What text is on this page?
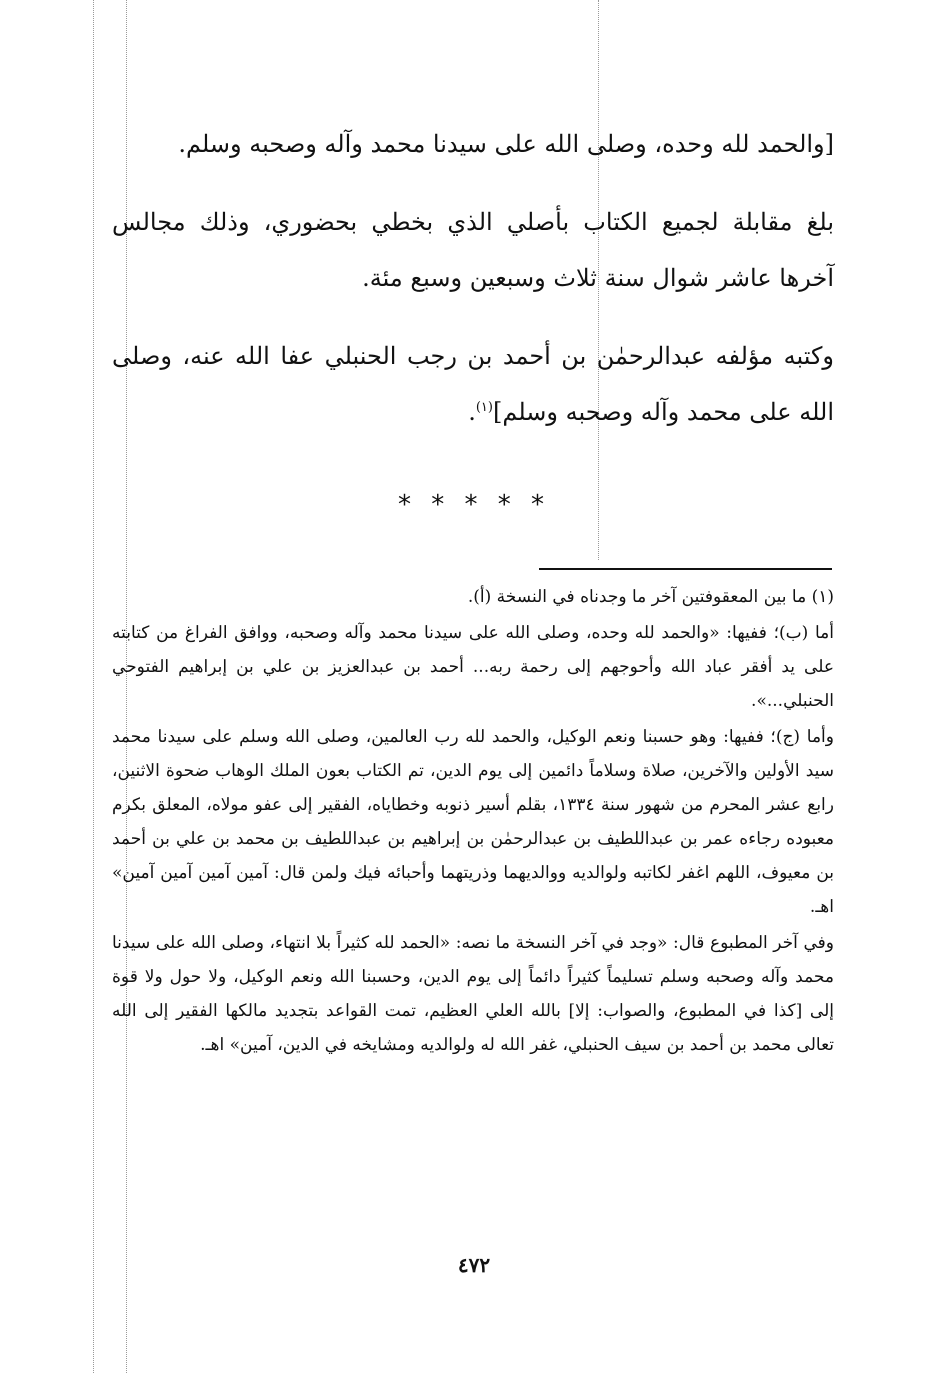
[والحمد لله وحده، وصلى الله على سيدنا محمد وآله وصحبه وسلم.

بلغ مقابلة لجميع الكتاب بأصلي الذي بخطي بحضوري، وذلك مجالس آخرها عاشر شوال سنة ثلاث وسبعين وسبع مئة.

وكتبه مؤلفه عبدالرحمٰن بن أحمد بن رجب الحنبلي عفا الله عنه، وصلى الله على محمد وآله وصحبه وسلم]$^{(١)}$.

* * * * *

(١) ما بين المعقوفتين آخر ما وجدناه في النسخة (أ).

أما (ب)؛ ففيها: «والحمد لله وحده، وصلى الله على سيدنا محمد وآله وصحبه، ووافق الفراغ من كتابته على يد أفقر عباد الله وأحوجهم إلى رحمة ربه... أحمد بن عبدالعزيز بن علي بن إبراهيم الفتوحي الحنبلي...».

وأما (ج)؛ ففيها: وهو حسبنا ونعم الوكيل، والحمد لله رب العالمين، وصلى الله وسلم على سيدنا محمد سيد الأولين والآخرين، صلاة وسلاماً دائمين إلى يوم الدين، تم الكتاب بعون الملك الوهاب ضحوة الاثنين، رابع عشر المحرم من شهور سنة ١٣٣٤، بقلم أسير ذنوبه وخطاياه، الفقير إلى عفو مولاه، المعلق بكرم معبوده رجاءه عمر بن عبداللطيف بن عبدالرحمٰن بن إبراهيم بن عبداللطيف بن محمد بن علي بن أحمد بن معيوف، اللهم اغفر لكاتبه ولوالديه ووالديهما وذريتهما وأحبائه فيك ولمن قال: آمين آمين آمين آمين» اهـ.

وفي آخر المطبوع قال: «وجد في آخر النسخة ما نصه: «الحمد لله كثيراً بلا انتهاء، وصلى الله على سيدنا محمد وآله وصحبه وسلم تسليماً كثيراً دائماً إلى يوم الدين، وحسبنا الله ونعم الوكيل، ولا حول ولا قوة إلى [كذا في المطبوع، والصواب: إلا] بالله العلي العظيم، تمت القواعد بتجديد مالكها الفقير إلى الله تعالى محمد بن أحمد بن سيف الحنبلي، غفر الله له ولوالديه ومشايخه في الدين، آمين» اهـ.

٤٧٢
